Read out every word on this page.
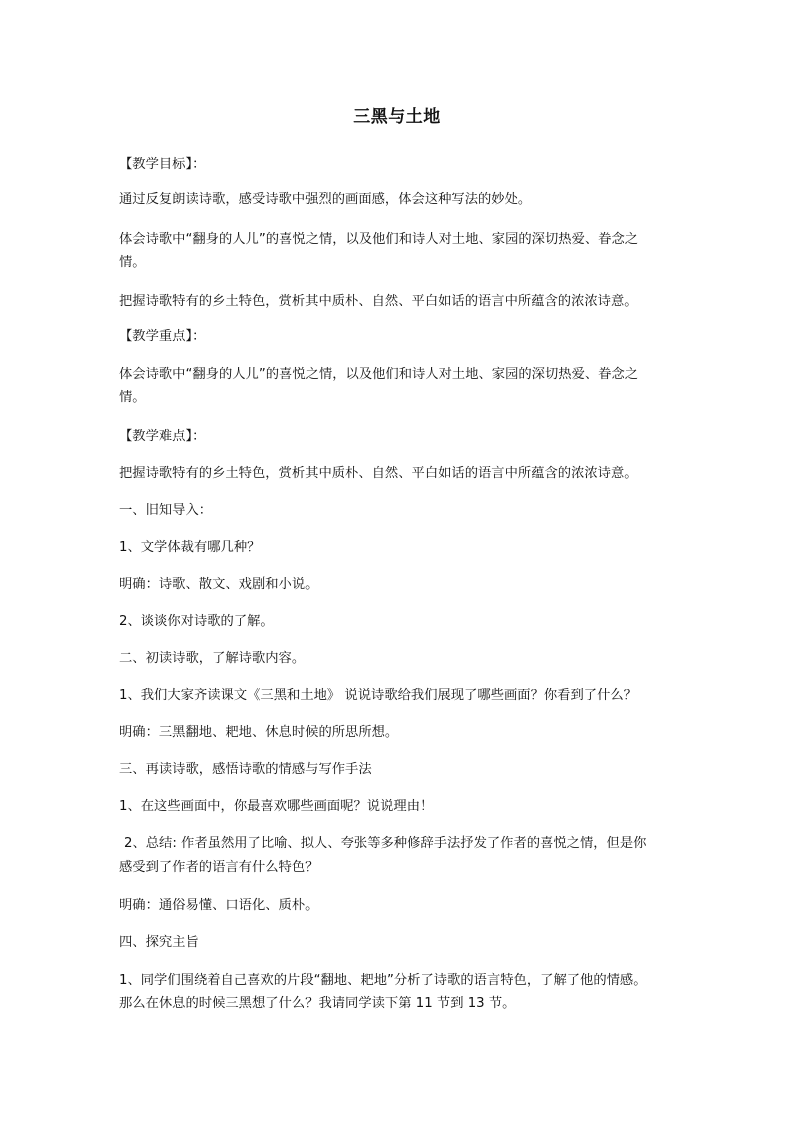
三黑与土地
【教学目标】：
通过反复朗读诗歌，感受诗歌中强烈的画面感，体会这种写法的妙处。
体会诗歌中“翻身的人儿”的喜悦之情，以及他们和诗人对土地、家园的深切热爱、眷念之
情。
把握诗歌特有的乡土特色，赏析其中质朴、自然、平白如话的语言中所蕴含的浓浓诗意。
【教学重点】：
体会诗歌中“翻身的人儿”的喜悦之情，以及他们和诗人对土地、家园的深切热爱、眷念之
情。
【教学难点】：
把握诗歌特有的乡土特色，赏析其中质朴、自然、平白如话的语言中所蕴含的浓浓诗意。
一、旧知导入：
1、文学体裁有哪几种？
明确：诗歌、散文、戏剧和小说。
2、谈谈你对诗歌的了解。
二、初读诗歌，了解诗歌内容。
1、我们大家齐读课文《三黑和土地》 说说诗歌给我们展现了哪些画面？你看到了什么？
明确：三黑翻地、耙地、休息时候的所思所想。
三、再读诗歌，感悟诗歌的情感与写作手法
1、在这些画面中，你最喜欢哪些画面呢？说说理由！
2、总结: 作者虽然用了比喻、拟人、夸张等多种修辞手法抒发了作者的喜悦之情，但是你
感受到了作者的语言有什么特色？
明确：通俗易懂、口语化、质朴。
四、探究主旨
1、同学们围绕着自己喜欢的片段“翻地、耙地”分析了诗歌的语言特色，了解了他的情感。
那么在休息的时候三黑想了什么？我请同学读下第 11 节到 13 节。
